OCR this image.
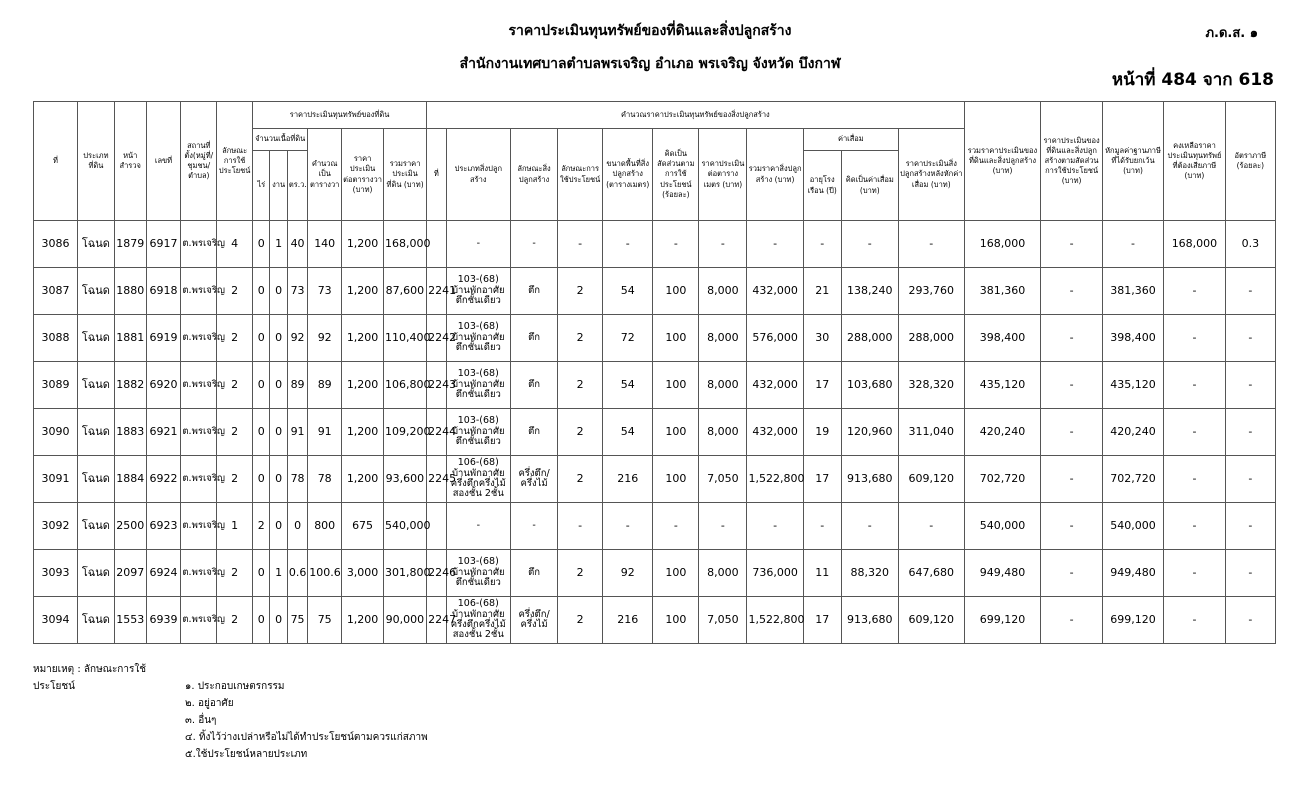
ราคาประเมินทุนทรัพย์ของที่ดินและสิ่งปลูกสร้าง
สำนักงานเทศบาลตำบลพรเจริญ อำเภอ พรเจริญ จังหวัด บึงกาฬ
ภ.ด.ส. ๑
หน้าที่ 484 จาก 618
ที่	ประเภทที่ดิน	หน้าสำรวจ	เลขที่	สถานที่ตั้ง(หมู่ที่/ชุมชน/ตำบล)	ลักษณะการใช้ประโยชน์	ราคาประเมินทุนทรัพย์ของที่ดิน						คำนวณราคาประเมินทุนทรัพย์ของสิ่งปลูกสร้าง											รวมราคาประเมินของที่ดินและสิ่งปลูกสร้าง (บาท)	ราคาประเมินของที่ดินและสิ่งปลูกสร้างตามสัดส่วนการใช้ประโยชน์ (บาท)	หักมูลค่าฐานภาษีที่ได้รับยกเว้น (บาท)	คงเหลือราคาประเมินทุนทรัพย์ที่ต้องเสียภาษี (บาท)	อัตราภาษี (ร้อยละ)
						จำนวนเนื้อที่ดิน			คำนวณเป็นตารางวา	ราคาประเมินต่อตารางวา (บาท)	รวมราคาประเมินที่ดิน (บาท)	ที่	ประเภทสิ่งปลูกสร้าง	ลักษณะสิ่งปลูกสร้าง	ลักษณะการใช้ประโยชน์	ขนาดพื้นที่สิ่งปลูกสร้าง (ตารางเมตร)	คิดเป็นสัดส่วนตามการใช้ประโยชน์ (ร้อยละ)	ราคาประเมินต่อตารางเมตร (บาท)	รวมราคาสิ่งปลูกสร้าง (บาท)	ค่าเสื่อม		ราคาประเมินสิ่งปลูกสร้างหลังหักค่าเสื่อม (บาท)					
						ไร่	งาน	ตร.ว.												อายุโรงเรือน (ปี)	คิดเป็นค่าเสื่อม (บาท)						
3086	โฉนด	1879	6917	ต.พรเจริญ	4	0	1	40	140	1,200	168,000		-	-	-	-	-	-	-	-	-	-	168,000	-	-	168,000	0.3
3087	โฉนด	1880	6918	ต.พรเจริญ	2	0	0	73	73	1,200	87,600	2241	103-(68) บ้านพักอาศัยตึกชั้นเดียว	ตึก	2	54	100	8,000	432,000	21	138,240	293,760	381,360	-	381,360	-	-
3088	โฉนด	1881	6919	ต.พรเจริญ	2	0	0	92	92	1,200	110,400	2242	103-(68) บ้านพักอาศัยตึกชั้นเดียว	ตึก	2	72	100	8,000	576,000	30	288,000	288,000	398,400	-	398,400	-	-
3089	โฉนด	1882	6920	ต.พรเจริญ	2	0	0	89	89	1,200	106,800	2243	103-(68) บ้านพักอาศัยตึกชั้นเดียว	ตึก	2	54	100	8,000	432,000	17	103,680	328,320	435,120	-	435,120	-	-
3090	โฉนด	1883	6921	ต.พรเจริญ	2	0	0	91	91	1,200	109,200	2244	103-(68) บ้านพักอาศัยตึกชั้นเดียว	ตึก	2	54	100	8,000	432,000	19	120,960	311,040	420,240	-	420,240	-	-
3091	โฉนด	1884	6922	ต.พรเจริญ	2	0	0	78	78	1,200	93,600	2245	106-(68) บ้านพักอาศัยครึ่งตึกครึ่งไม้สองชั้น 2ชั้น	ครึ่งตึก/ครึ่งไม้	2	216	100	7,050	1,522,800	17	913,680	609,120	702,720	-	702,720	-	-
3092	โฉนด	2500	6923	ต.พรเจริญ	1	2	0	0	800	675	540,000		-	-	-	-	-	-	-	-	-	-	540,000	-	540,000	-	-
3093	โฉนด	2097	6924	ต.พรเจริญ	2	0	1	0.6	100.6	3,000	301,800	2246	103-(68) บ้านพักอาศัยตึกชั้นเดียว	ตึก	2	92	100	8,000	736,000	11	88,320	647,680	949,480	-	949,480	-	-
3094	โฉนด	1553	6939	ต.พรเจริญ	2	0	0	75	75	1,200	90,000	2247	106-(68) บ้านพักอาศัยครึ่งตึกครึ่งไม้สองชั้น 2ชั้น	ครึ่งตึก/ครึ่งไม้	2	216	100	7,050	1,522,800	17	913,680	609,120	699,120	-	699,120	-	-
หมายเหตุ : ลักษณะการใช้ประโยชน์	๑. ประกอบเกษตรกรรม
๒. อยู่อาศัย
๓. อื่นๆ
๔. ทิ้งไว้ว่างเปล่าหรือไม่ได้ทำประโยชน์ตามควรแก่สภาพ
๕.ใช้ประโยชน์หลายประเภท
